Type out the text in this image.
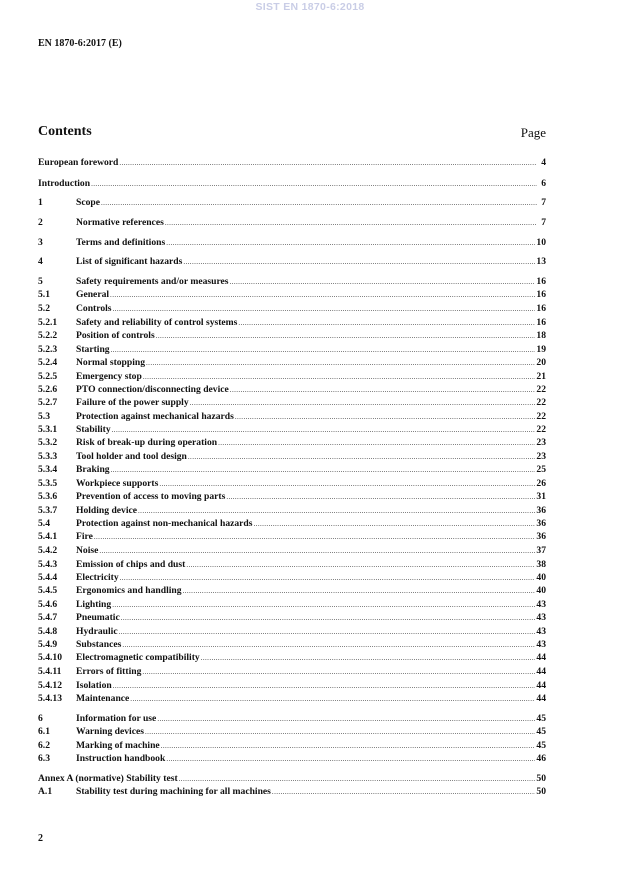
SIST EN 1870-6:2018
EN 1870-6:2017 (E)
Contents	Page
European foreword .....	4
Introduction .....	6
1	Scope .....	7
2	Normative references .....	7
3	Terms and definitions .....	10
4	List of significant hazards .....	13
5	Safety requirements and/or measures .....	16
5.1	General .....	16
5.2	Controls .....	16
5.2.1	Safety and reliability of control systems .....	16
5.2.2	Position of controls .....	18
5.2.3	Starting .....	19
5.2.4	Normal stopping .....	20
5.2.5	Emergency stop .....	21
5.2.6	PTO connection/disconnecting device .....	22
5.2.7	Failure of the power supply .....	22
5.3	Protection against mechanical hazards .....	22
5.3.1	Stability .....	22
5.3.2	Risk of break-up during operation .....	23
5.3.3	Tool holder and tool design .....	23
5.3.4	Braking .....	25
5.3.5	Workpiece supports .....	26
5.3.6	Prevention of access to moving parts .....	31
5.3.7	Holding device .....	36
5.4	Protection against non-mechanical hazards .....	36
5.4.1	Fire .....	36
5.4.2	Noise .....	37
5.4.3	Emission of chips and dust .....	38
5.4.4	Electricity .....	40
5.4.5	Ergonomics and handling .....	40
5.4.6	Lighting .....	43
5.4.7	Pneumatic .....	43
5.4.8	Hydraulic .....	43
5.4.9	Substances .....	43
5.4.10	Electromagnetic compatibility .....	44
5.4.11	Errors of fitting .....	44
5.4.12	Isolation .....	44
5.4.13	Maintenance .....	44
6	Information for use .....	45
6.1	Warning devices .....	45
6.2	Marking of machine .....	45
6.3	Instruction handbook .....	46
Annex A (normative) Stability test .....	50
A.1	Stability test during machining for all machines .....	50
2
